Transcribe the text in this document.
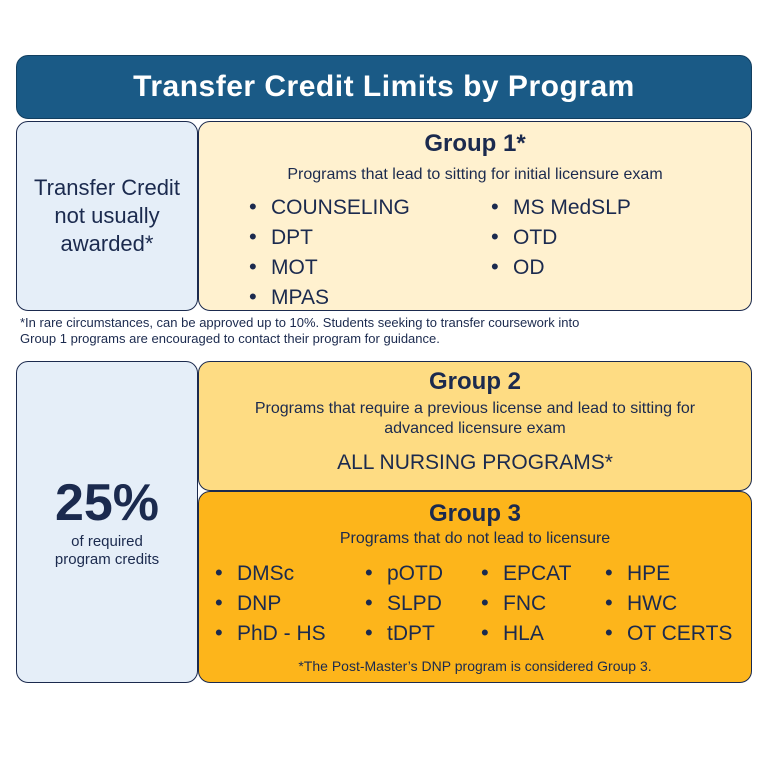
Transfer Credit Limits by Program
Transfer Credit
not usually
awarded*
Group 1*
Programs that lead to sitting for initial licensure exam
• COUNSELING
• DPT
• MOT
• MPAS
• MS MedSLP
• OTD
• OD
*In rare circumstances, can be approved up to 10%. Students seeking to transfer coursework into
Group 1 programs are encouraged to contact their program for guidance.
25%
of required
program credits
Group 2
Programs that require a previous license and lead to sitting for
advanced licensure exam
ALL NURSING PROGRAMS*
Group 3
Programs that do not lead to licensure
• DMSc
• DNP
• PhD - HS
• pOTD
• SLPD
• tDPT
• EPCAT
• FNC
• HLA
• HPE
• HWC
• OT CERTS
*The Post-Master’s DNP program is considered Group 3.
